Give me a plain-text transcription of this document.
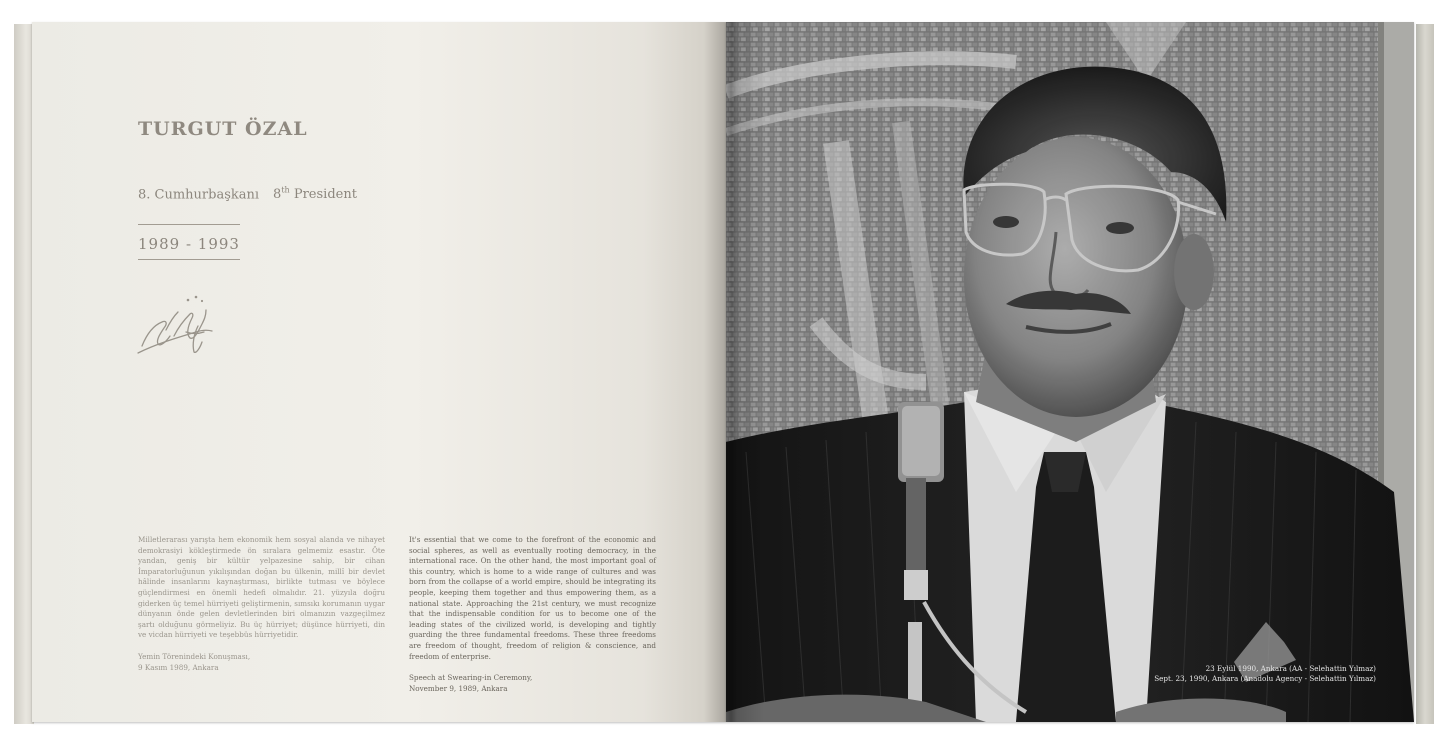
TURGUT ÖZAL
8. Cumhurbaşkanı 8th President
1989 - 1993

Milletlerarası yarışta hem ekonomik hem sosyal alanda ve nihayet demokrasiyi kökleştirmede ön sıralara gelmemiz esastır. Öte yandan, geniş bir kültür yelpazesine sahip, bir cihan İmparatorluğunun yıkılışından doğan bu ülkenin, millî bir devlet hâlinde insanlarını kaynaştırması, birlikte tutması ve böylece güçlendirmesi en önemli hedefi olmalıdır. 21. yüzyıla doğru giderken üç temel hürriyeti geliştirmenin, sımsıkı korumanın uygar dünyanın önde gelen devletlerinden biri olmanızın vazgeçilmez şartı olduğunu görmeliyiz. Bu üç hürriyet; düşünce hürriyeti, din ve vicdan hürriyeti ve teşebbüs hürriyetidir.

Yemin Törenindeki Konuşması,
9 Kasım 1989, Ankara

It's essential that we come to the forefront of the economic and social spheres, as well as eventually rooting democracy, in the international race. On the other hand, the most important goal of this country, which is home to a wide range of cultures and was born from the collapse of a world empire, should be integrating its people, keeping them together and thus empowering them, as a national state. Approaching the 21st century, we must recognize that the indispensable condition for us to become one of the leading states of the civilized world, is developing and tightly guarding the three fundamental freedoms. These three freedoms are freedom of thought, freedom of religion & conscience, and freedom of enterprise.

Speech at Swearing-in Ceremony,
November 9, 1989, Ankara

23 Eylül 1990, Ankara (AA - Selehattin Yılmaz)
Sept. 23, 1990, Ankara (Anadolu Agency - Selehattin Yılmaz)
